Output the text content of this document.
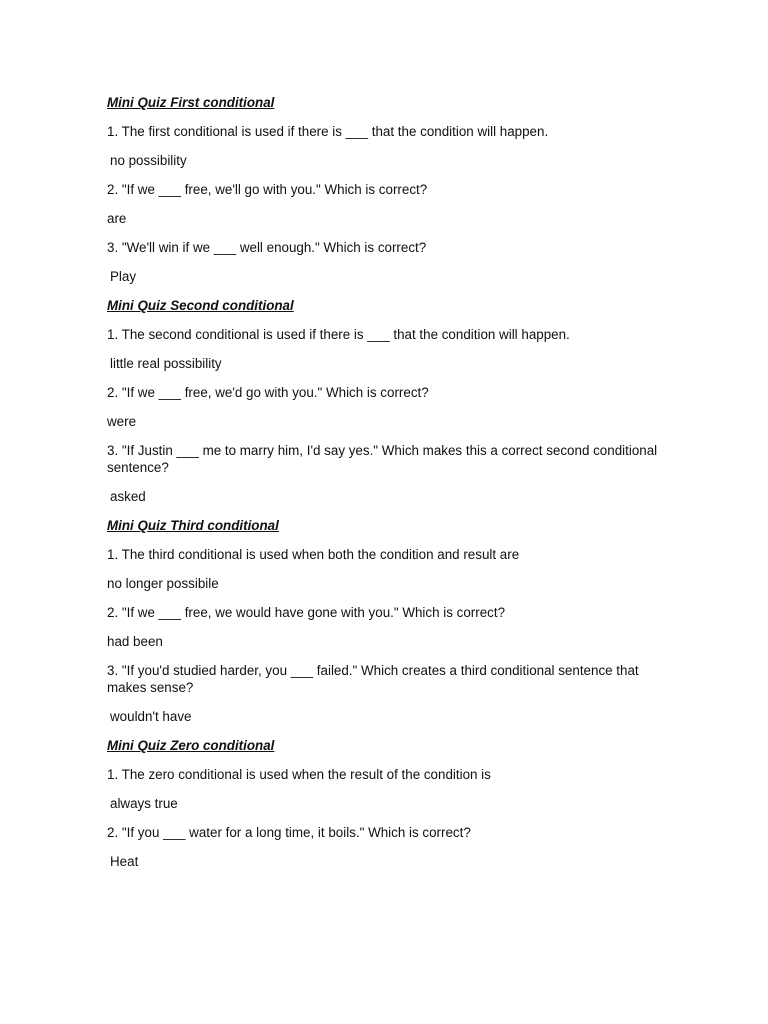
Mini Quiz First conditional
1. The first conditional is used if there is ___ that the condition will happen.
no possibility
2. "If we ___ free, we'll go with you." Which is correct?
are
3. "We'll win if we ___ well enough." Which is correct?
Play
Mini Quiz Second conditional
1. The second conditional is used if there is ___ that the condition will happen.
little real possibility
2. "If we ___ free, we'd go with you." Which is correct?
were
3. "If Justin ___ me to marry him, I'd say yes." Which makes this a correct second conditional sentence?
asked
Mini Quiz Third conditional
1. The third conditional is used when both the condition and result are
no longer possibile
2. "If we ___ free, we would have gone with you." Which is correct?
had been
3. "If you'd studied harder, you ___ failed." Which creates a third conditional sentence that makes sense?
wouldn't have
Mini Quiz Zero conditional
1. The zero conditional is used when the result of the condition is
always true
2. "If you ___ water for a long time, it boils." Which is correct?
Heat
